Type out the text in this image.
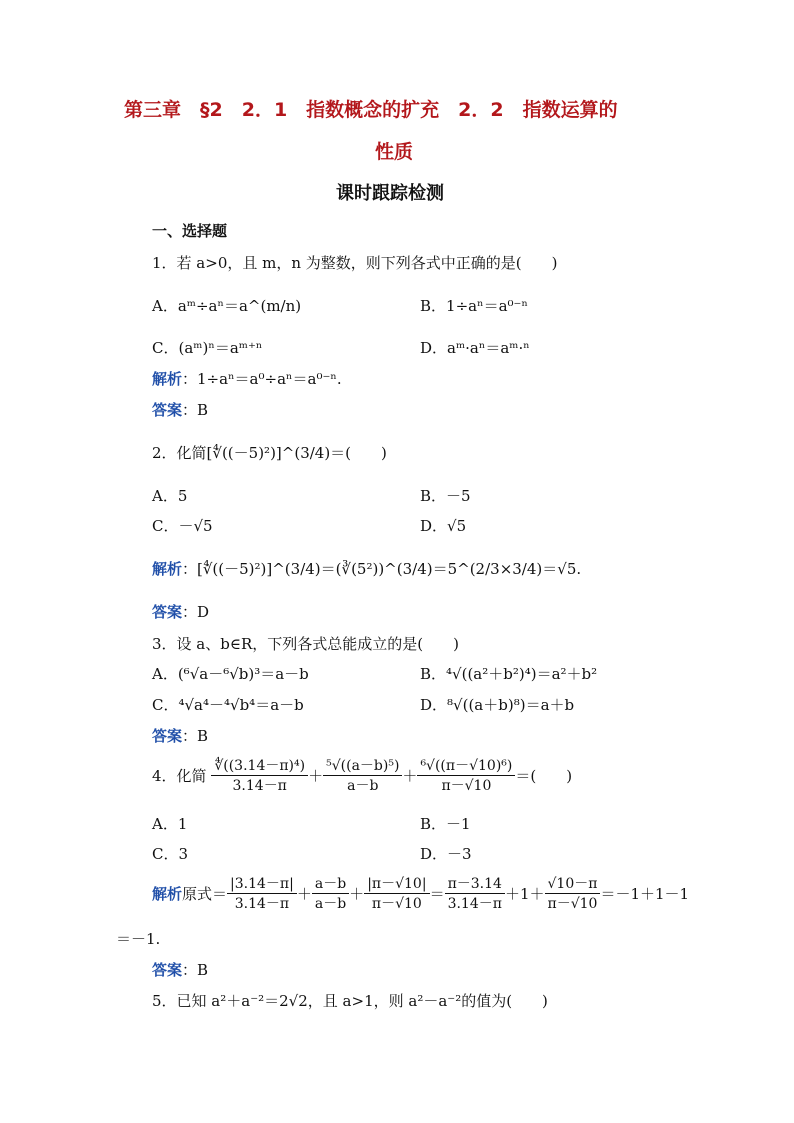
第三章　§2　2．1　指数概念的扩充　2．2　指数运算的
性质
课时跟踪检测
一、选择题
1．若 a>0，且 m，n 为整数，则下列各式中正确的是(　　)
A．aᵐ÷aⁿ＝a^(m/n)	B．1÷aⁿ＝a⁰⁻ⁿ
C．(aᵐ)ⁿ＝aᵐ⁺ⁿ	D．aᵐ·aⁿ＝aᵐ·ⁿ
解析：1÷aⁿ＝a⁰÷aⁿ＝a⁰⁻ⁿ.
答案：B
2．化简[∜((－5)²)]^(3/4)＝(　　)
A．5	B．－5
C．－√5	D．√5
解析：[∜((－5)²)]^(3/4)＝(∛(5²))^(3/4)＝5^(2/3×3/4)＝√5.
答案：D
3．设 a、b∈R，下列各式总能成立的是(　　)
A．(⁶√a－⁶√b)³＝a－b	B．⁴√((a²＋b²)⁴)＝a²＋b²
C．⁴√a⁴－⁴√b⁴＝a－b	D．⁸√((a＋b)⁸)＝a＋b
答案：B
4．化简 $\frac{\text{∜((3.14－π)⁴)}}{3.14-\pi} + \frac{\text{⁵√((a－b)⁵)}}{a-b} + \frac{\text{⁶√((π－√10)⁶)}}{\pi-√10}$ ＝(　　)
A．1	B．－1
C．3	D．－3
解析原式＝ $\frac{|3.14-\pi|}{3.14-\pi} + \frac{a-b}{a-b} + \frac{|\pi-√10|}{\pi-√10} = \frac{\pi-3.14}{3.14-\pi} +1+ \frac{√10-\pi}{\pi-√10} =-1+1-1$
＝－1.
答案：B
5．已知 a²＋a⁻²＝2√2，且 a>1，则 a²－a⁻²的值为(　　)
